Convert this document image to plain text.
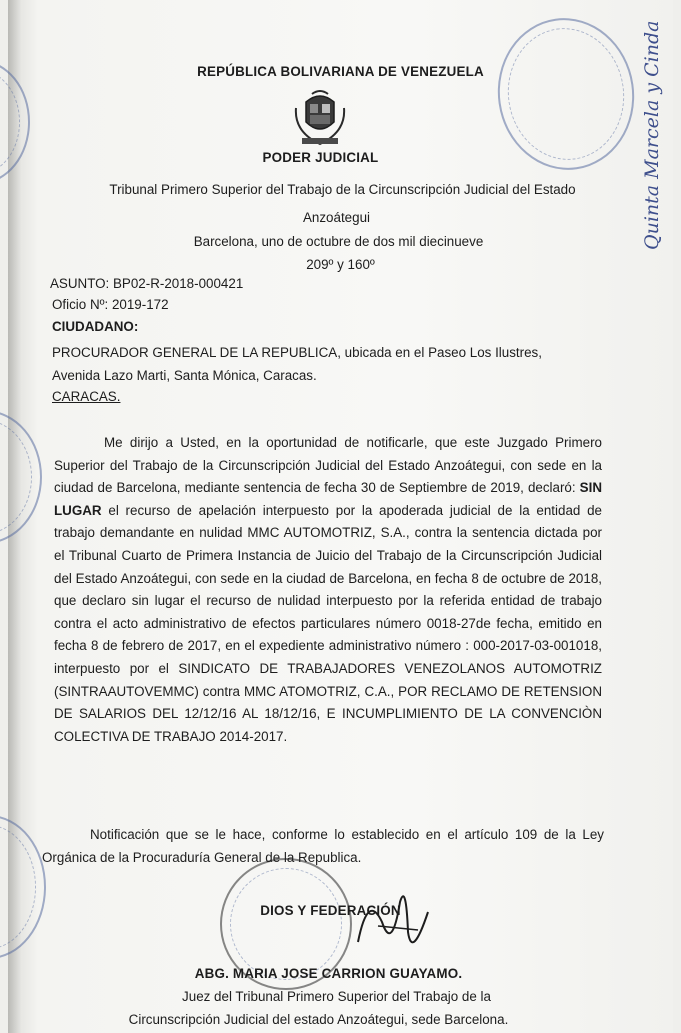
Quinta Marcela y Cinda
REPÚBLICA BOLIVARIANA DE VENEZUELA
PODER JUDICIAL
Tribunal Primero Superior del Trabajo de la Circunscripción Judicial del Estado
Anzoátegui
Barcelona, uno de octubre de dos mil diecinueve
209º y 160º
ASUNTO: BP02-R-2018-000421
Oficio Nº: 2019-172
CIUDADANO:
PROCURADOR GENERAL DE LA REPUBLICA, ubicada en el Paseo Los Ilustres,
Avenida Lazo Marti, Santa Mónica, Caracas.
CARACAS.

Me dirijo a Usted, en la oportunidad de notificarle, que este Juzgado Primero Superior del Trabajo de la Circunscripción Judicial del Estado Anzoátegui, con sede en la ciudad de Barcelona, mediante sentencia de fecha 30 de Septiembre de 2019, declaró: SIN LUGAR el recurso de apelación interpuesto por la apoderada judicial de la entidad de trabajo demandante en nulidad MMC AUTOMOTRIZ, S.A., contra la sentencia dictada por el Tribunal Cuarto de Primera Instancia de Juicio del Trabajo de la Circunscripción Judicial del Estado Anzoátegui, con sede en la ciudad de Barcelona, en fecha 8 de octubre de 2018, que declaro sin lugar el recurso de nulidad interpuesto por la referida entidad de trabajo contra el acto administrativo de efectos particulares número 0018-27de fecha, emitido en fecha 8 de febrero de 2017, en el expediente administrativo número : 000-2017-03-001018, interpuesto por el SINDICATO DE TRABAJADORES VENEZOLANOS AUTOMOTRIZ (SINTRAAUTOVEMMC) contra MMC ATOMOTRIZ, C.A., POR RECLAMO DE RETENSION DE SALARIOS DEL 12/12/16 AL 18/12/16, E INCUMPLIMIENTO DE LA CONVENCIÒN COLECTIVA DE TRABAJO 2014-2017.

Notificación que se le hace, conforme lo establecido en el artículo 109 de la Ley Orgánica de la Procuraduría General de la Republica.

DIOS Y FEDERACIÓN
ABG. MARIA JOSE CARRION GUAYAMO.
Juez del Tribunal Primero Superior del Trabajo de la
Circunscripción Judicial del estado Anzoátegui, sede Barcelona.
